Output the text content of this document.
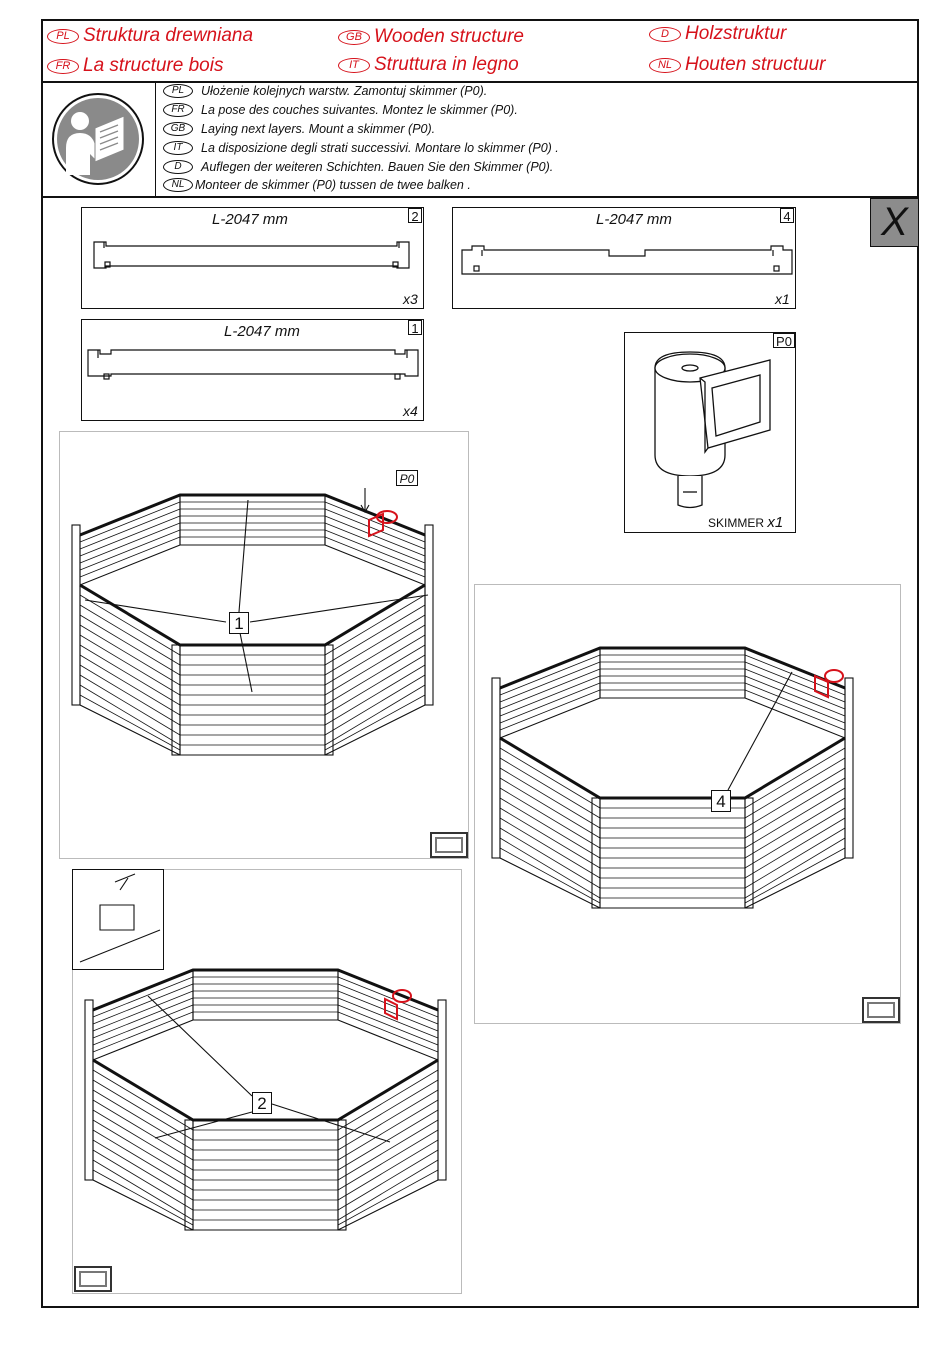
PL Struktura drewniana	GB Wooden structure	D Holzstruktur
FR La structure bois	IT Struttura in legno	NL Houten structuur
PL	Ułożenie kolejnych warstw. Zamontuj skimmer (P0).
FR	La pose des couches suivantes. Montez le skimmer (P0).
GB	Laying next layers. Mount a skimmer (P0).
IT	La disposizione degli strati successivi. Montare lo skimmer (P0) .
D	Auflegen der weiteren Schichten. Bauen Sie den Skimmer (P0).
NL Monteer de skimmer (P0) tussen de twee balken .
X
L-2047 mm	2
x3
L-2047 mm	4
x1
L-2047 mm	1
x4
P0
SKIMMER x1
P0
1
4
2
